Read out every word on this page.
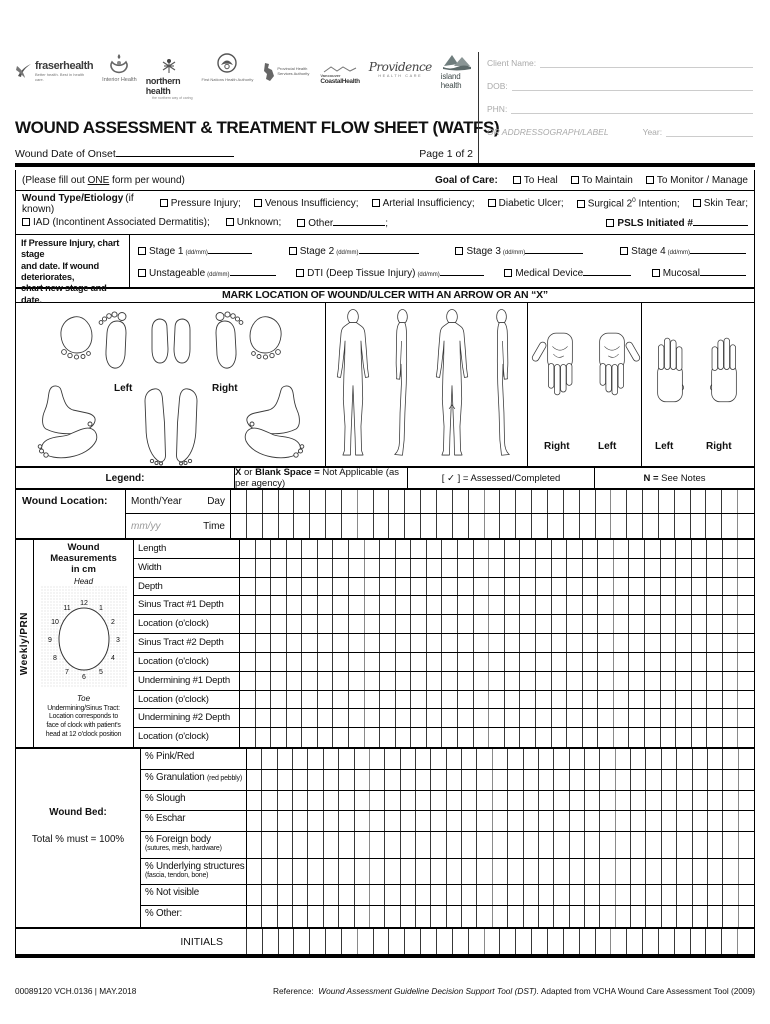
fraserhealth
Better health. Best in health care.	Interior Health northern health
the northern way of caring
First Nations Health Authority
Provincial Health Services Authority	Vancouver
CoastalHealth
Providence
HEALTH CARE island health
WOUND ASSESSMENT & TREATMENT FLOW SHEET (WATFS)
Wound Date of Onset	Page 1 of 2
Client Name:
DOB:
PHN:
OR ADDRESSOGRAPH/LABEL	Year:
(Please fill out ONE form per wound)	Goal of Care:	To Heal	To Maintain	To Monitor / Manage
Wound Type/Etiology (if known)	Pressure Injury;	Venous Insufficiency;	Arterial Insufficiency;	Diabetic Ulcer;	Surgical $2^0$ Intention;	Skin Tear;
IAD (Incontinent Associated Dermatitis);	Unknown;	Other	;	PSLS Initiated #
If Pressure Injury, chart stage
and date. If wound deteriorates,
chart new stage and date.
Stage 1 (dd/mm)	Stage 2 (dd/mm)	Stage 3 (dd/mm)	Stage 4 (dd/mm)
Unstageable (dd/mm)	DTI (Deep Tissue Injury) (dd/mm)	Medical Device	Mucosal
MARK LOCATION OF WOUND/ULCER WITH AN ARROW OR AN “X”
Left	Right
Right	Left	Left	Right
Legend:	X or Blank Space = Not Applicable (as per agency)	[ ✓ ] = Assessed/Completed	N = See Notes
Wound Location:	Month/Year	Day
mm/yy	Time
Weekly/PRN
Wound Measurements
in cm
Head
12
1
2
3
4
5
6
7
8
9
10
11
Toe
Undermining/Sinus Tract:
Location corresponds to
face of clock with patient's
head at 12 o'clock position
Length
Width
Depth
Sinus Tract #1 Depth
Location (o'clock)
Sinus Tract #2 Depth
Location (o'clock)
Undermining #1 Depth
Location (o'clock)
Undermining #2 Depth
Location (o'clock)
Wound Bed:
Total % must = 100%
% Pink/Red
% Granulation (red pebbly)
% Slough
% Eschar
% Foreign body
(sutures, mesh, hardware)
% Underlying structures
(fascia, tendon, bone)
% Not visible
% Other:
INITIALS
00089120 VCH.0136 | MAY.2018	Reference: Wound Assessment Guideline Decision Support Tool (DST). Adapted from VCHA Wound Care Assessment Tool (2009)
